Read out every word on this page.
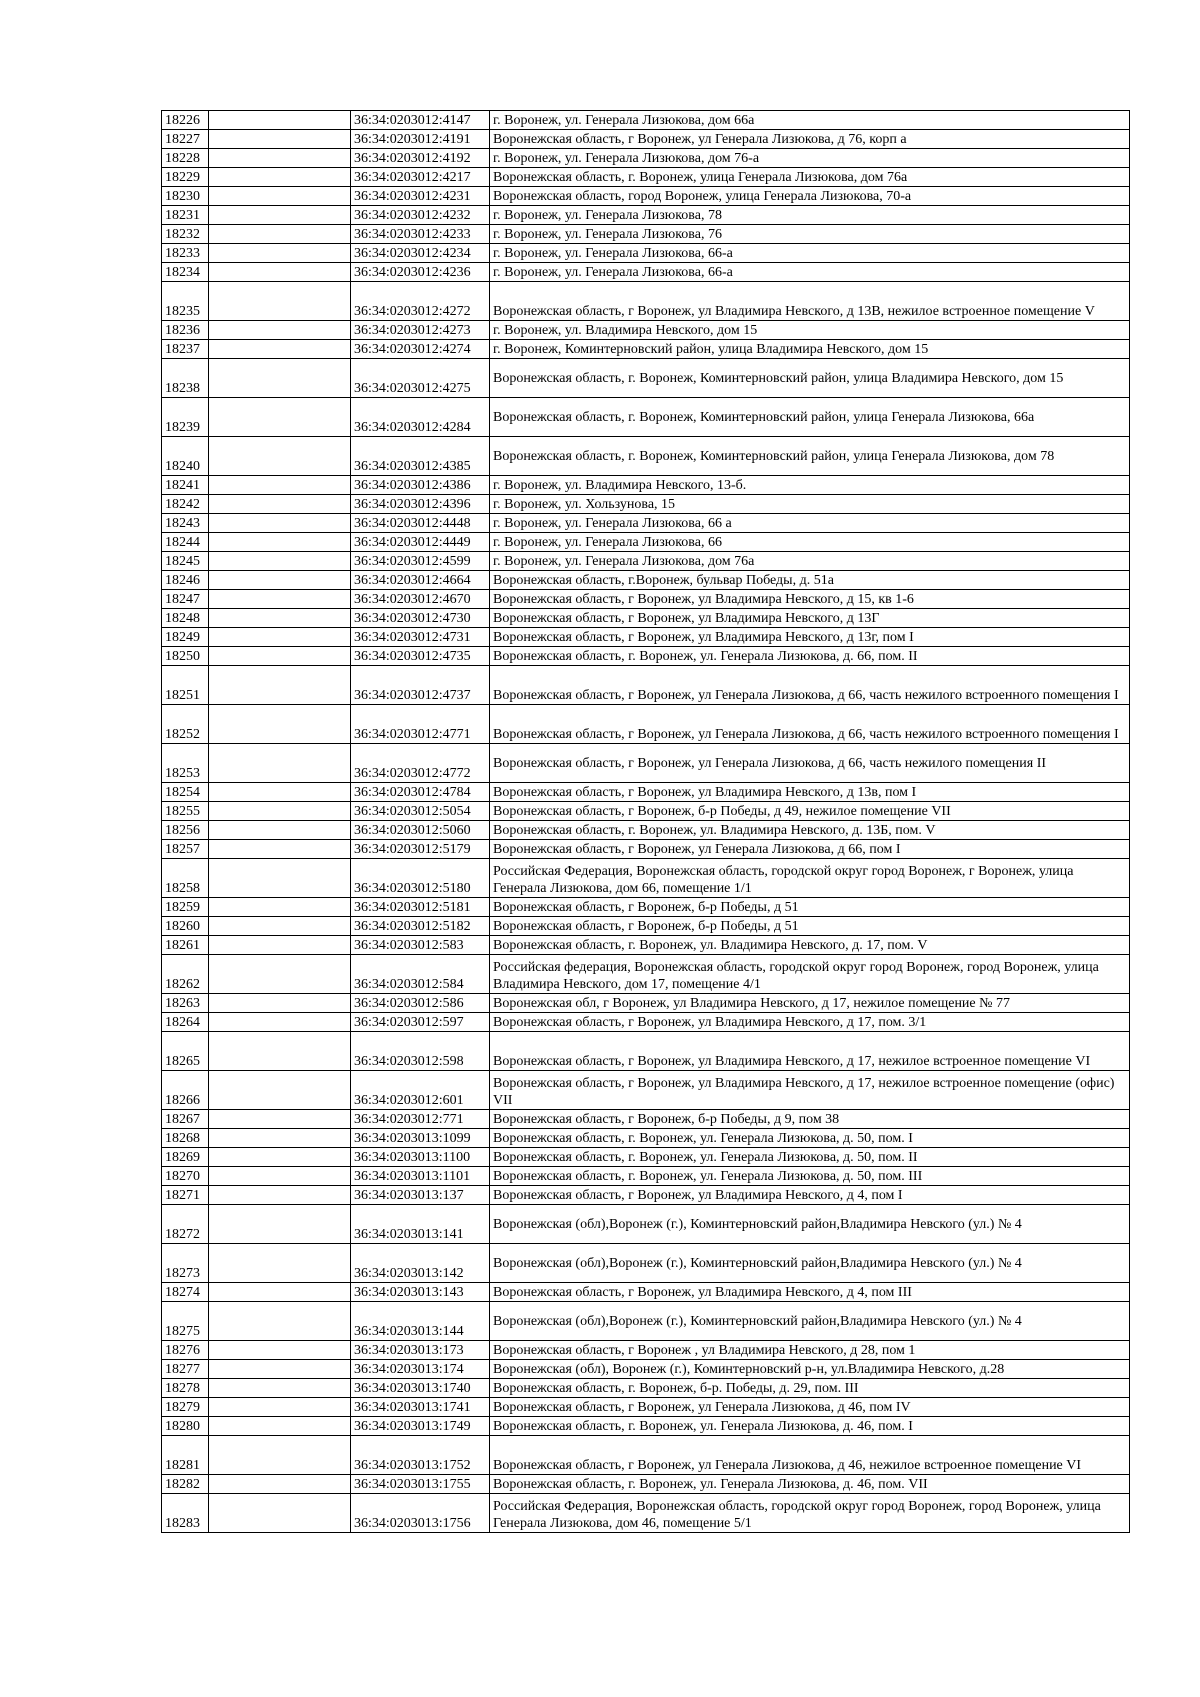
18226		36:34:0203012:4147	г. Воронеж, ул. Генерала Лизюкова, дом 66а
18227		36:34:0203012:4191	Воронежская область, г Воронеж, ул Генерала Лизюкова, д 76, корп а
18228		36:34:0203012:4192	г. Воронеж, ул. Генерала Лизюкова, дом 76-а
18229		36:34:0203012:4217	Воронежская область, г. Воронеж, улица Генерала Лизюкова, дом 76а
18230		36:34:0203012:4231	Воронежская область, город Воронеж, улица Генерала Лизюкова, 70-а
18231		36:34:0203012:4232	г. Воронеж, ул. Генерала Лизюкова, 78
18232		36:34:0203012:4233	г. Воронеж, ул. Генерала Лизюкова, 76
18233		36:34:0203012:4234	г. Воронеж, ул. Генерала Лизюкова, 66-а
18234		36:34:0203012:4236	г. Воронеж, ул. Генерала Лизюкова, 66-а
18235		36:34:0203012:4272	Воронежская область, г Воронеж, ул Владимира Невского, д 13В, нежилое встроенное помещение V
18236		36:34:0203012:4273	г. Воронеж, ул. Владимира Невского, дом 15
18237		36:34:0203012:4274	г. Воронеж, Коминтерновский район, улица Владимира Невского, дом 15
18238		36:34:0203012:4275	Воронежская область, г. Воронеж, Коминтерновский район, улица Владимира Невского, дом 15
18239		36:34:0203012:4284	Воронежская область, г. Воронеж, Коминтерновский район, улица Генерала Лизюкова, 66а
18240		36:34:0203012:4385	Воронежская область, г. Воронеж, Коминтерновский район, улица Генерала Лизюкова, дом 78
18241		36:34:0203012:4386	г. Воронеж, ул. Владимира Невского, 13-б.
18242		36:34:0203012:4396	г. Воронеж, ул. Хользунова, 15
18243		36:34:0203012:4448	г. Воронеж, ул. Генерала Лизюкова, 66 а
18244		36:34:0203012:4449	г. Воронеж, ул. Генерала Лизюкова, 66
18245		36:34:0203012:4599	г. Воронеж, ул. Генерала Лизюкова, дом 76а
18246		36:34:0203012:4664	Воронежская область, г.Воронеж, бульвар Победы, д. 51а
18247		36:34:0203012:4670	Воронежская область, г Воронеж, ул Владимира Невского, д 15, кв 1-6
18248		36:34:0203012:4730	Воронежская область, г Воронеж, ул Владимира Невского, д 13Г
18249		36:34:0203012:4731	Воронежская область, г Воронеж, ул Владимира Невского, д 13г, пом I
18250		36:34:0203012:4735	Воронежская область, г. Воронеж, ул. Генерала Лизюкова, д. 66, пом. II
18251		36:34:0203012:4737	Воронежская область, г Воронеж, ул Генерала Лизюкова, д 66, часть нежилого встроенного помещения I
18252		36:34:0203012:4771	Воронежская область, г Воронеж, ул Генерала Лизюкова, д 66, часть нежилого встроенного помещения I
18253		36:34:0203012:4772	Воронежская область, г Воронеж, ул Генерала Лизюкова, д 66, часть нежилого помещения II
18254		36:34:0203012:4784	Воронежская область, г Воронеж, ул Владимира Невского, д 13в, пом I
18255		36:34:0203012:5054	Воронежская область, г Воронеж, б-р Победы, д 49, нежилое помещение VII
18256		36:34:0203012:5060	Воронежская область, г. Воронеж, ул. Владимира Невского, д. 13Б, пом. V
18257		36:34:0203012:5179	Воронежская область, г Воронеж, ул Генерала Лизюкова, д 66, пом I
18258		36:34:0203012:5180	Российская Федерация, Воронежская область, городской округ город Воронеж, г Воронеж, улица Генерала Лизюкова, дом 66, помещение 1/1
18259		36:34:0203012:5181	Воронежская область, г Воронеж, б-р Победы, д 51
18260		36:34:0203012:5182	Воронежская область, г Воронеж, б-р Победы, д 51
18261		36:34:0203012:583	Воронежская область, г. Воронеж, ул. Владимира Невского, д. 17, пом. V
18262		36:34:0203012:584	Российская федерация, Воронежская область, городской округ город Воронеж, город Воронеж, улица Владимира Невского, дом 17, помещение 4/1
18263		36:34:0203012:586	Воронежская обл, г Воронеж, ул Владимира Невского, д 17, нежилое помещение № 77
18264		36:34:0203012:597	Воронежская область, г Воронеж, ул Владимира Невского, д 17, пом. 3/1
18265		36:34:0203012:598	Воронежская область, г Воронеж, ул Владимира Невского, д 17, нежилое встроенное помещение VI
18266		36:34:0203012:601	Воронежская область, г Воронеж, ул Владимира Невского, д 17, нежилое встроенное помещение (офис) VII
18267		36:34:0203012:771	Воронежская область, г Воронеж, б-р Победы, д 9, пом 38
18268		36:34:0203013:1099	Воронежская область, г. Воронеж, ул. Генерала Лизюкова, д. 50, пом. I
18269		36:34:0203013:1100	Воронежская область, г. Воронеж, ул. Генерала Лизюкова, д. 50, пом. II
18270		36:34:0203013:1101	Воронежская область, г. Воронеж, ул. Генерала Лизюкова, д. 50, пом. III
18271		36:34:0203013:137	Воронежская область, г Воронеж, ул Владимира Невского, д 4, пом I
18272		36:34:0203013:141	Воронежская (обл),Воронеж (г.), Коминтерновский район,Владимира Невского (ул.) № 4
18273		36:34:0203013:142	Воронежская (обл),Воронеж (г.), Коминтерновский район,Владимира Невского (ул.) № 4
18274		36:34:0203013:143	Воронежская область, г Воронеж, ул Владимира Невского, д 4, пом III
18275		36:34:0203013:144	Воронежская (обл),Воронеж (г.), Коминтерновский район,Владимира Невского (ул.) № 4
18276		36:34:0203013:173	Воронежская область, г Воронеж , ул Владимира Невского, д 28, пом 1
18277		36:34:0203013:174	Воронежская (обл), Воронеж (г.), Коминтерновский р-н, ул.Владимира Невского, д.28
18278		36:34:0203013:1740	Воронежская область, г. Воронеж, б-р. Победы, д. 29, пом. III
18279		36:34:0203013:1741	Воронежская область, г Воронеж, ул Генерала Лизюкова, д 46, пом IV
18280		36:34:0203013:1749	Воронежская область, г. Воронеж, ул. Генерала Лизюкова, д. 46, пом. I
18281		36:34:0203013:1752	Воронежская область, г Воронеж, ул Генерала Лизюкова, д 46, нежилое встроенное помещение VI
18282		36:34:0203013:1755	Воронежская область, г. Воронеж, ул. Генерала Лизюкова, д. 46, пом. VII
18283		36:34:0203013:1756	Российская Федерация, Воронежская область, городской округ город Воронеж, город Воронеж, улица Генерала Лизюкова, дом 46, помещение 5/1
